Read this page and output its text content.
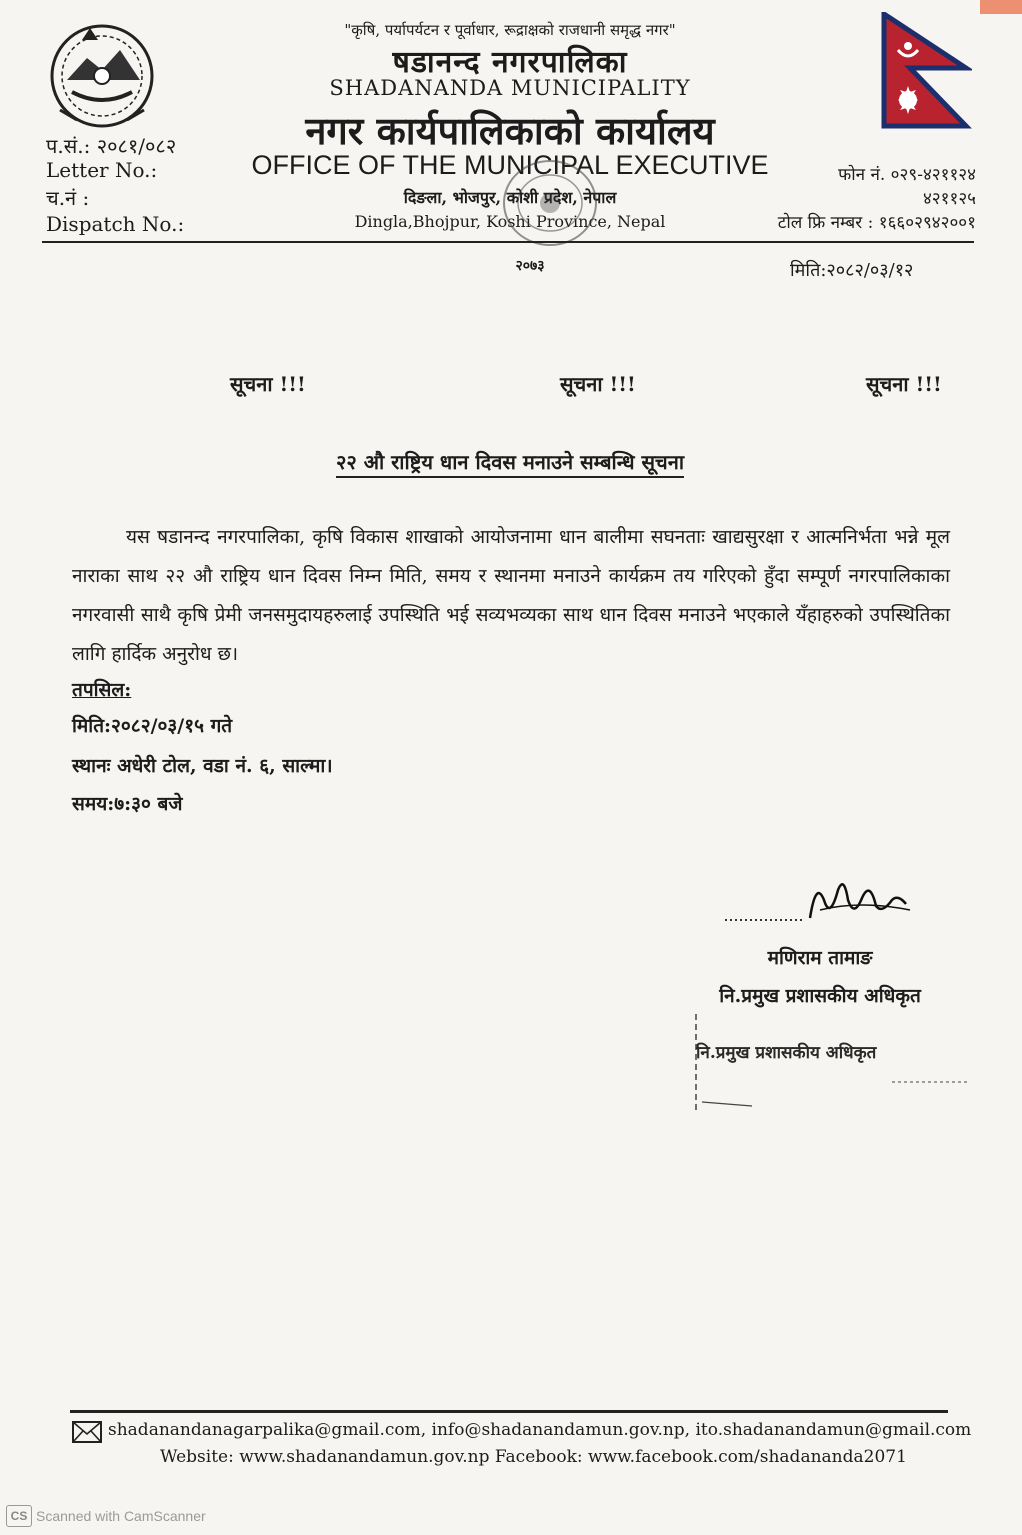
"कृषि, पर्यापर्यटन र पूर्वाधार, रूद्राक्षको राजधानी समृद्ध नगर"
षडानन्द नगरपालिका
SHADANANDA MUNICIPALITY
नगर कार्यपालिकाको कार्यालय
OFFICE OF THE MUNICIPAL EXECUTIVE
दिङला, भोजपुर, कोशी प्रदेश, नेपाल
Dingla,Bhojpur, Koshi Province, Nepal
२०७३
प.सं.: २०८१/०८२
Letter No.:
च.नं :
Dispatch No.:
फोन नं. ०२९-४२११२४
४२११२५
टोल फ्रि नम्बर : १६६०२९४२००१
मिति:२०८२/०३/१२
सूचना !!!	सूचना !!!	सूचना !!!
२२ औ राष्ट्रिय धान दिवस मनाउने सम्बन्धि सूचना
यस षडानन्द नगरपालिका, कृषि विकास शाखाको आयोजनामा धान बालीमा सघनताः खाद्यसुरक्षा र आत्मनिर्भता भन्ने मूल नाराका साथ २२ औ राष्ट्रिय धान दिवस निम्न मिति, समय र स्थानमा मनाउने कार्यक्रम तय गरिएको हुँदा सम्पूर्ण नगरपालिकाका नगरवासी साथै कृषि प्रेमी जनसमुदायहरुलाई उपस्थिति भई सव्यभव्यका साथ धान दिवस मनाउने भएकाले यँहाहरुको उपस्थितिका लागि हार्दिक अनुरोध छ।
तपसिल:
मिति:२०८२/०३/१५ गते
स्थानः अधेरी टोल, वडा नं. ६, साल्मा।
समय:७:३० बजे
मणिराम तामाङ
नि.प्रमुख प्रशासकीय अधिकृत
नि.प्रमुख प्रशासकीय अधिकृत
shadanandanagarpalika@gmail.com, info@shadanandamun.gov.np, ito.shadanandamun@gmail.com
Website: www.shadanandamun.gov.np Facebook: www.facebook.com/shadananda2071
CS Scanned with CamScanner
